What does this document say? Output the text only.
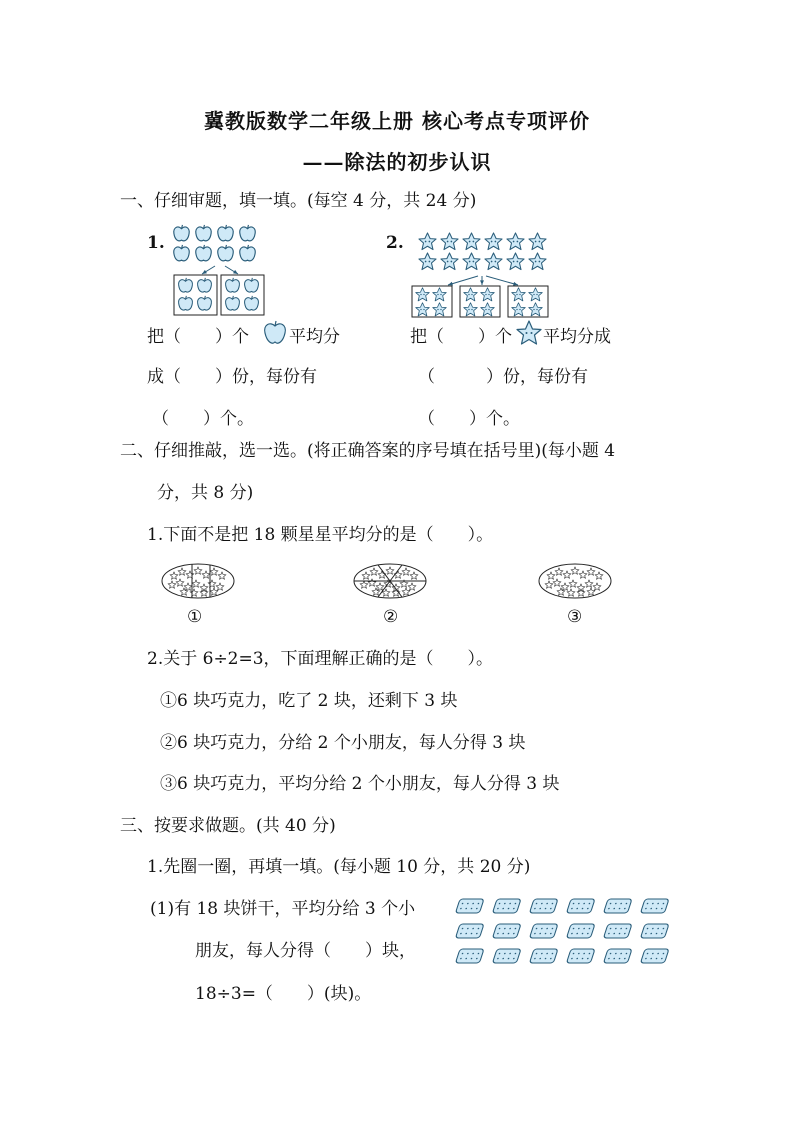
冀教版数学二年级上册 核心考点专项评价
——除法的初步认识
一、仔细审题，填一填。(每空 4 分，共 24 分)
1.
把（　　）个 平均分
成（　　）份，每份有
（　　）个。
2.
把（　　）个 平均分成
（　　　）份，每份有
（　　）个。
二、仔细推敲，选一选。(将正确答案的序号填在括号里)(每小题 4
分，共 8 分)
1.下面不是把 18 颗星星平均分的是（　　）。
①	②	③
2.关于 6÷2=3，下面理解正确的是（　　）。
①6 块巧克力，吃了 2 块，还剩下 3 块
②6 块巧克力，分给 2 个小朋友，每人分得 3 块
③6 块巧克力，平均分给 2 个小朋友，每人分得 3 块
三、按要求做题。(共 40 分)
1.先圈一圈，再填一填。(每小题 10 分，共 20 分)
(1)有 18 块饼干，平均分给 3 个小
朋友，每人分得（　　）块，
18÷3=（　　）(块)。
